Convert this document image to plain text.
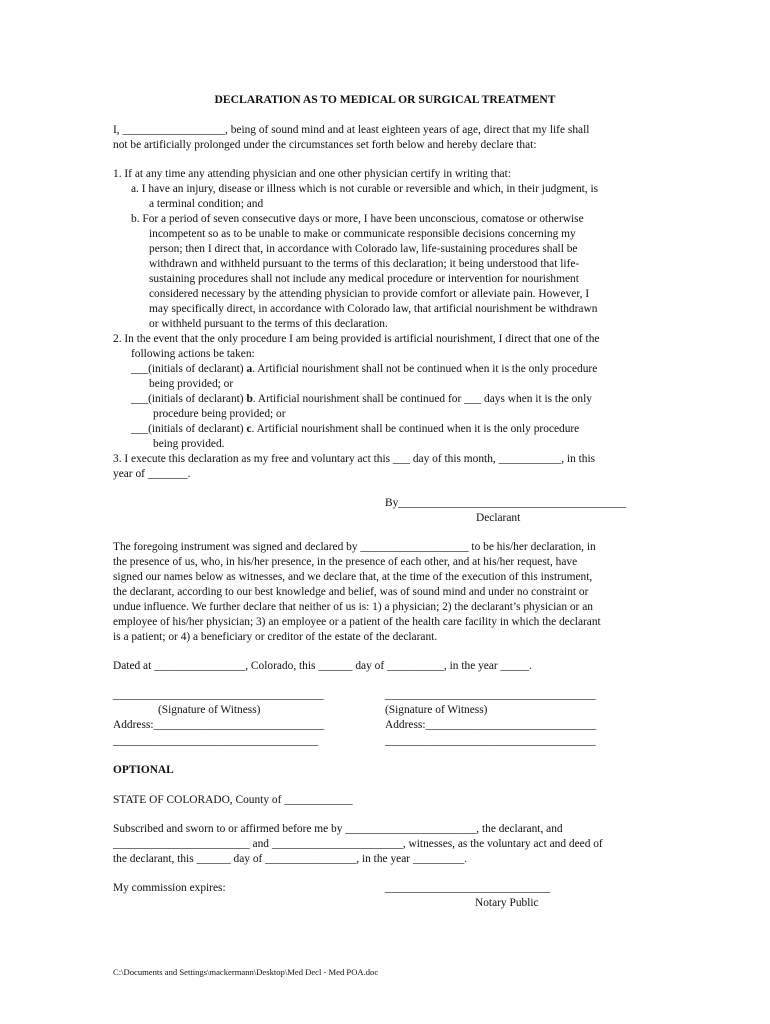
DECLARATION AS TO MEDICAL OR SURGICAL TREATMENT
I, __________________, being of sound mind and at least eighteen years of age, direct that my life shall
not be artificially prolonged under the circumstances set forth below and hereby declare that:
1. If at any time any attending physician and one other physician certify in writing that:
a. I have an injury, disease or illness which is not curable or reversible and which, in their judgment, is
a terminal condition; and
b. For a period of seven consecutive days or more, I have been unconscious, comatose or otherwise
incompetent so as to be unable to make or communicate responsible decisions concerning my
person; then I direct that, in accordance with Colorado law, life-sustaining procedures shall be
withdrawn and withheld pursuant to the terms of this declaration; it being understood that life-
sustaining procedures shall not include any medical procedure or intervention for nourishment
considered necessary by the attending physician to provide comfort or alleviate pain. However, I
may specifically direct, in accordance with Colorado law, that artificial nourishment be withdrawn
or withheld pursuant to the terms of this declaration.
2. In the event that the only procedure I am being provided is artificial nourishment, I direct that one of the
following actions be taken:
___(initials of declarant) a. Artificial nourishment shall not be continued when it is the only procedure
being provided; or
___(initials of declarant) b. Artificial nourishment shall be continued for ___ days when it is the only
procedure being provided; or
___(initials of declarant) c. Artificial nourishment shall be continued when it is the only procedure
being provided.
3. I execute this declaration as my free and voluntary act this ___ day of this month, ___________, in this
year of _______.
By________________________________________
Declarant
The foregoing instrument was signed and declared by ___________________ to be his/her declaration, in
the presence of us, who, in his/her presence, in the presence of each other, and at his/her request, have
signed our names below as witnesses, and we declare that, at the time of the execution of this instrument,
the declarant, according to our best knowledge and belief, was of sound mind and under no constraint or
undue influence. We further declare that neither of us is: 1) a physician; 2) the declarant’s physician or an
employee of his/her physician; 3) an employee or a patient of the health care facility in which the declarant
is a patient; or 4) a beneficiary or creditor of the estate of the declarant.
Dated at ________________, Colorado, this ______ day of __________, in the year _____.
_____________________________________	_____________________________________
(Signature of Witness)	(Signature of Witness)
Address:______________________________	Address:______________________________
____________________________________	_____________________________________
OPTIONAL
STATE OF COLORADO, County of ____________
Subscribed and sworn to or affirmed before me by _______________________, the declarant, and
________________________ and _______________________, witnesses, as the voluntary act and deed of
the declarant, this ______ day of ________________, in the year _________.
My commission expires:	_____________________________
Notary Public
C:\Documents and Settings\mackermann\Desktop\Med Decl - Med POA.doc
